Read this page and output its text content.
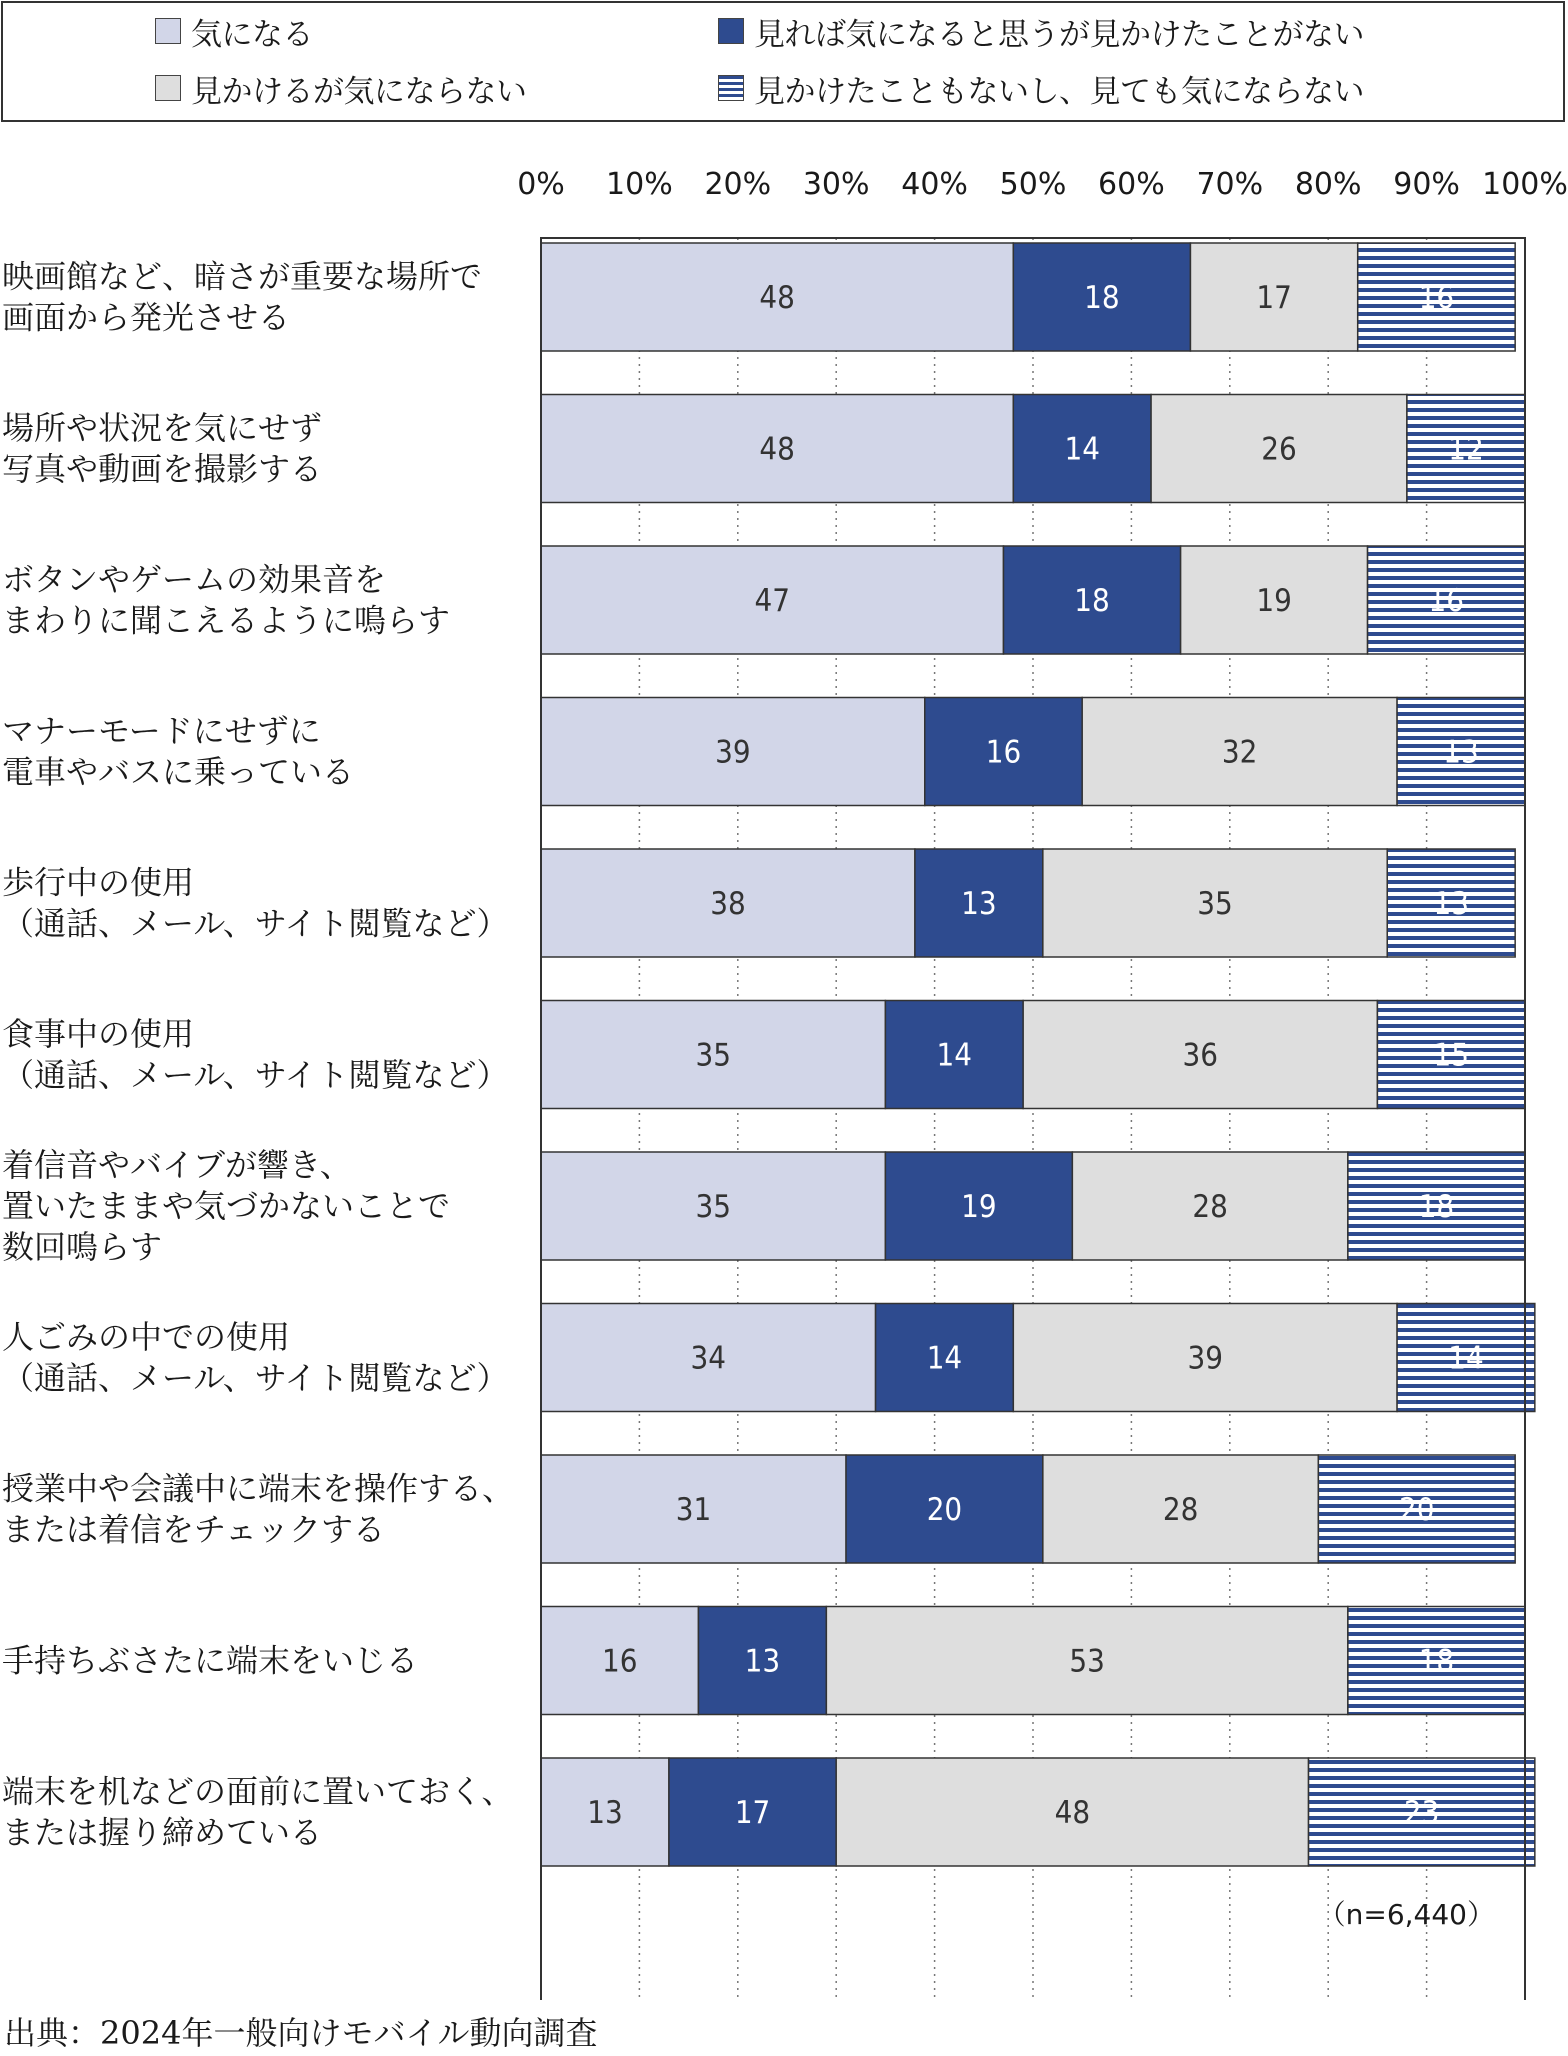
気になる	見れば気になると思うが見かけたことがない
見かけるが気にならない	見かけたこともないし、見ても気にならない
48	18	17	16
48	14	26	12
47	18	19	16
39	16	32	13
38	13	35	13
35	14	36	15
35	19	28	18
34	14	39	14
31	20	28	20
16	13	53	18
13	17	48	23
0% 10% 20% 30% 40% 50% 60% 70% 80% 90% 100%
映画館など、暗さが重要な場所で画面から発光させる
場所や状況を気にせず写真や動画を撮影する
ボタンやゲームの効果音をまわりに聞こえるように鳴らす
マナーモードにせずに電車やバスに乗っている
歩行中の使用（通話、メール、サイト閲覧など）
食事中の使用（通話、メール、サイト閲覧など）
着信音やバイブが響き、置いたままや気づかないことで数回鳴らす
人ごみの中での使用（通話、メール、サイト閲覧など）
授業中や会議中に端末を操作する、または着信をチェックする
手持ちぶさたに端末をいじる
端末を机などの面前に置いておく、または握り締めている
（n=6,440）
出典：2024年一般向けモバイル動向調査
